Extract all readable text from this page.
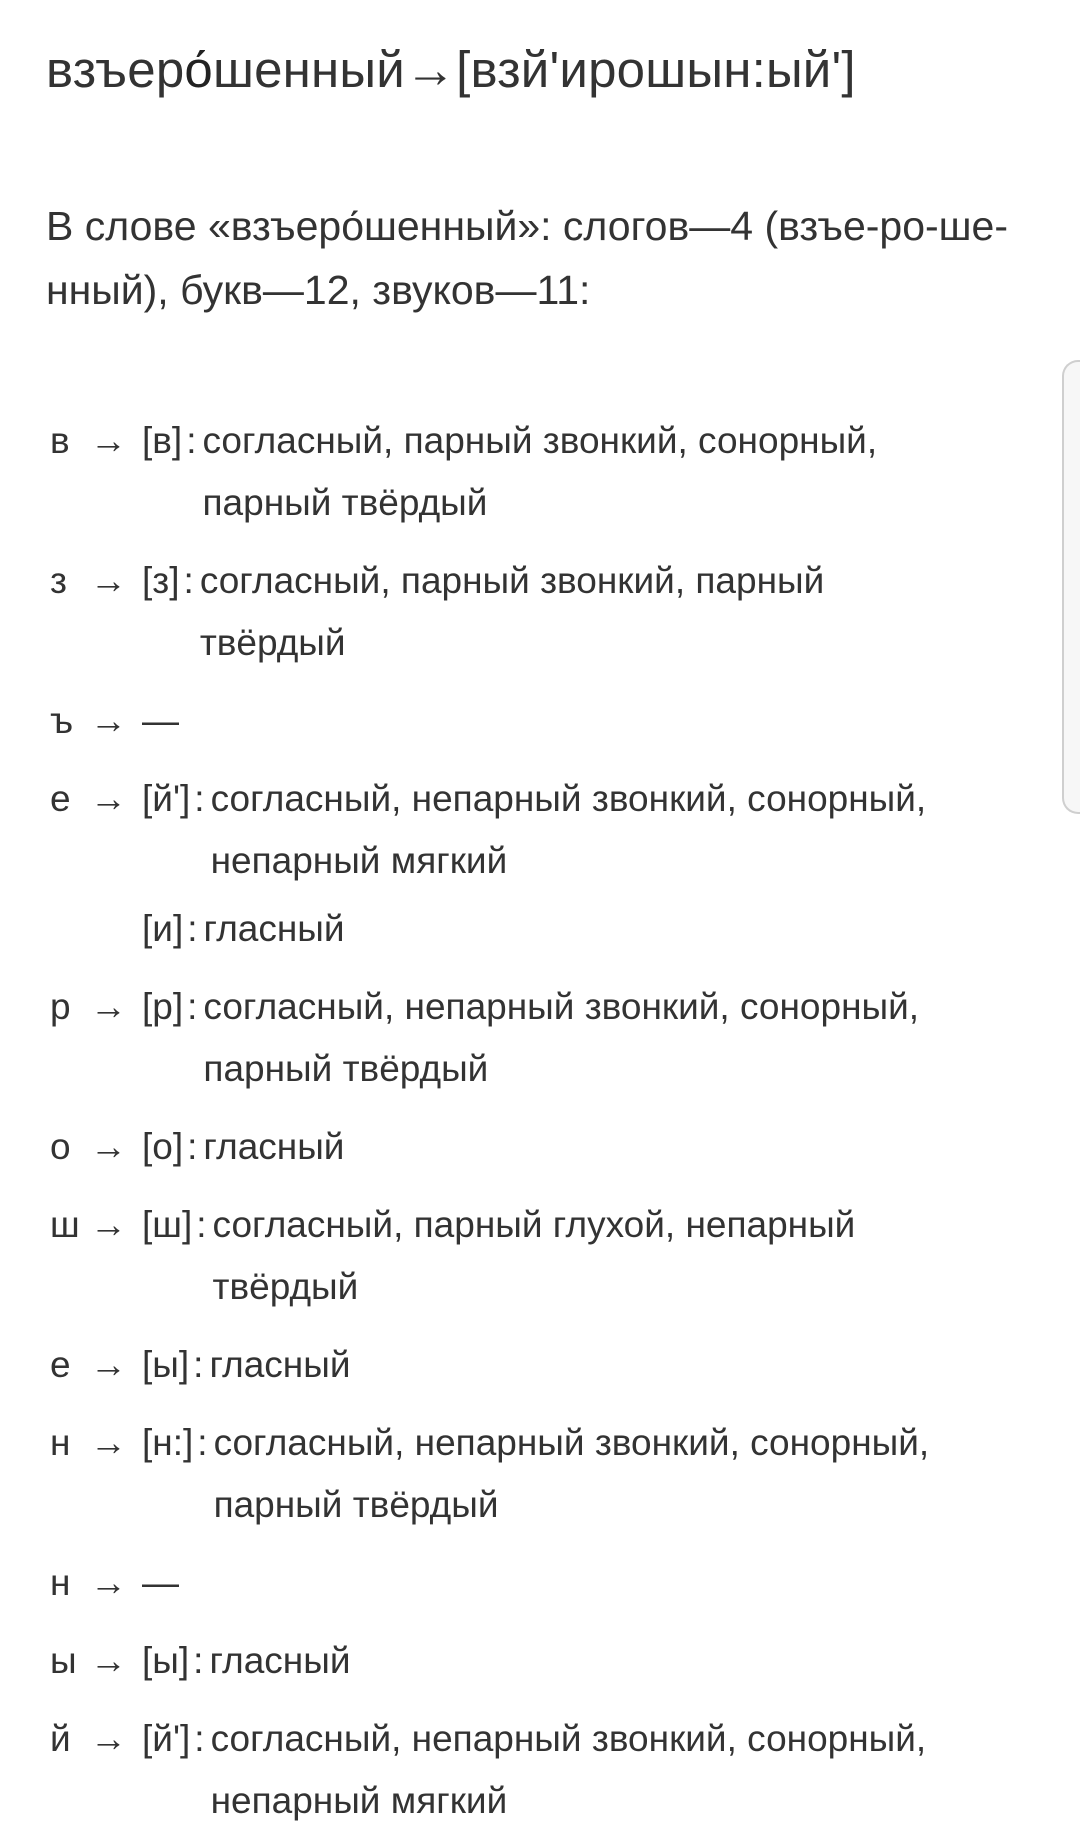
взъеро́шенный→[взй'ирошын:ый']
В слове «взъеро́шенный»: слогов—4 (взъе-ро-ше-нный), букв—12, звуков—11:
в → [в] : согласный, парный звонкий, сонорный, парный твёрдый
з → [з] : согласный, парный звонкий, парный твёрдый
ъ → —
е → [й'] : согласный, непарный звонкий, сонорный, непарный мягкий
[и] : гласный
р → [р] : согласный, непарный звонкий, сонорный, парный твёрдый
о → [о] : гласный
ш → [ш] : согласный, парный глухой, непарный твёрдый
е → [ы] : гласный
н → [н:] : согласный, непарный звонкий, сонорный, парный твёрдый
н → —
ы → [ы] : гласный
й → [й'] : согласный, непарный звонкий, сонорный, непарный мягкий
